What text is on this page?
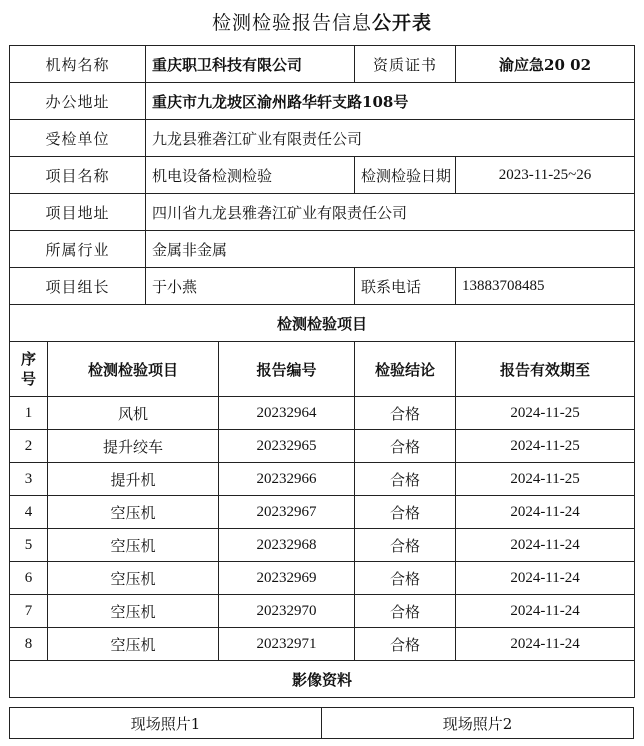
检测检验报告信息公开表
机构名称		重庆职卫科技有限公司		资质证书	渝应急20 02
办公地址		重庆市九龙坡区渝州路华轩支路108号			
受检单位		九龙县雅砻江矿业有限责任公司			
项目名称		机电设备检测检验		检测检验日期	2023-11-25~26
项目地址		四川省九龙县雅砻江矿业有限责任公司			
所属行业		金属非金属			
项目组长		于小燕		联系电话	13883708485
检测检验项目					
序号	检测检验项目		报告编号	检验结论	报告有效期至
1	风机		20232964	合格	2024-11-25
2	提升绞车		20232965	合格	2024-11-25
3	提升机		20232966	合格	2024-11-25
4	空压机		20232967	合格	2024-11-24
5	空压机		20232968	合格	2024-11-24
6	空压机		20232969	合格	2024-11-24
7	空压机		20232970	合格	2024-11-24
8	空压机		20232971	合格	2024-11-24
影像资料					
现场照片1	现场照片2
